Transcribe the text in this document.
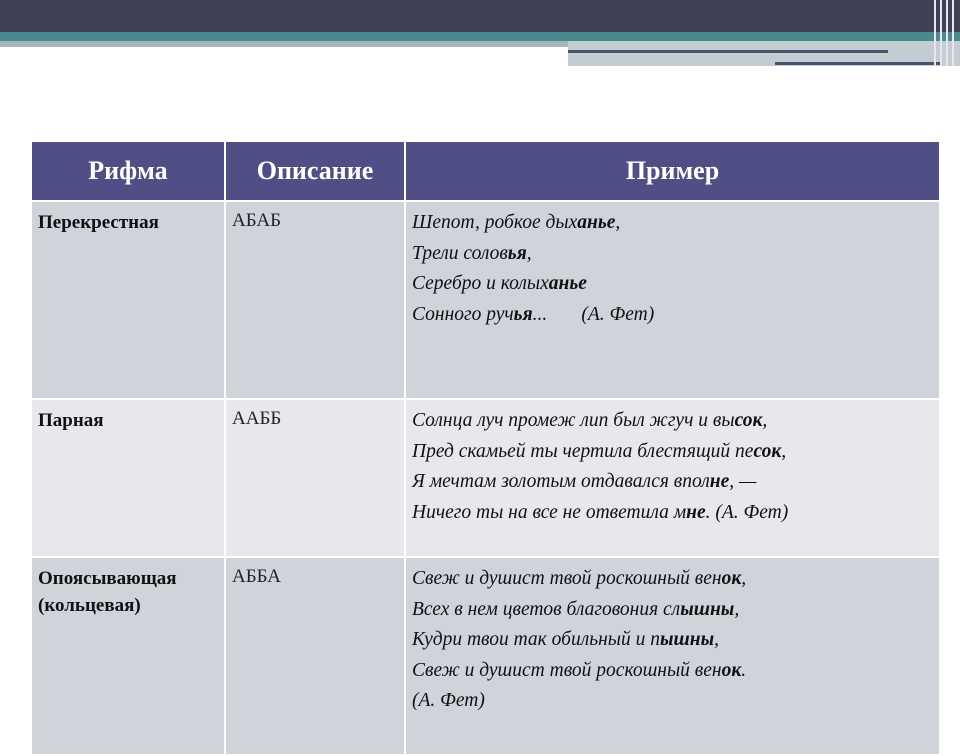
Рифма	Описание	Пример
Перекрестная	АБАБ	Шепот, робкое дыханье,
Трели соловья,
Серебро и колыханье
Сонного ручья...       (А. Фет)

Парная	ААББ	Солнца луч промеж лип был жгуч и высок,
Пред скамьей ты чертила блестящий песок,
Я мечтам золотым отдавался вполне, —
Ничего ты на все не ответила мне. (А. Фет)

Опоясывающая (кольцевая)	АББА	Свеж и душист твой роскошный венок,
Всех в нем цветов благовония слышны,
Кудри твои так обильный и пышны,
Свеж и душист твой роскошный венок.
(А. Фет)
